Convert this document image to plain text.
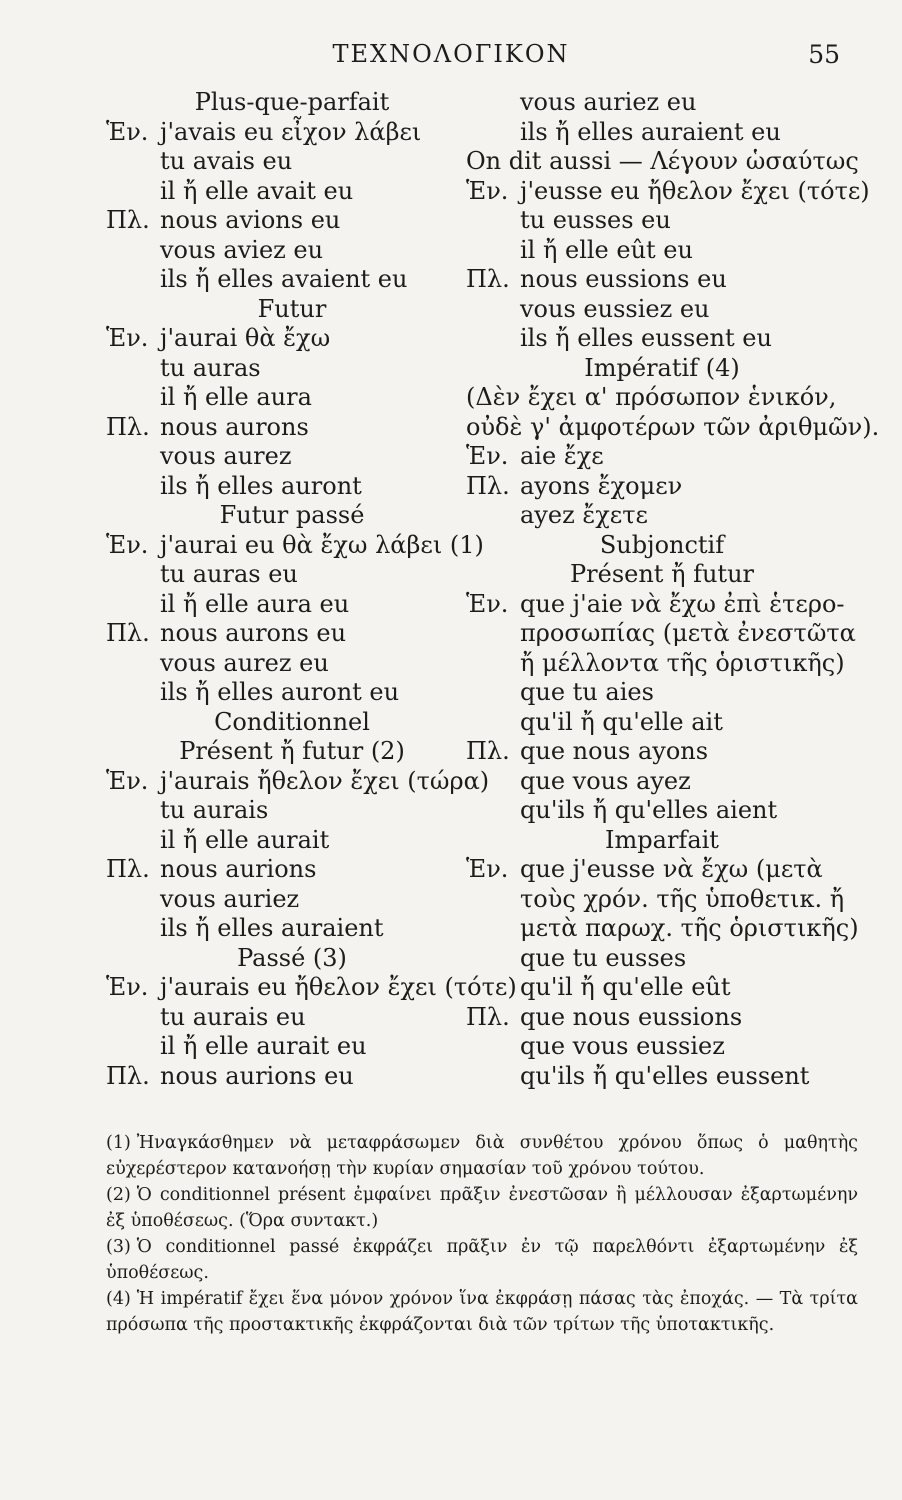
ΤΕΧΝΟΛΟΓΙΚΟΝ	55
Plus-que-parfait
Ἑν. j'avais eu εἶχον λάβει
tu avais eu
il ἤ elle avait eu
Πλ. nous avions eu
vous aviez eu
ils ἤ elles avaient eu
Futur
Ἑν. j'aurai θὰ ἔχω
tu auras
il ἤ elle aura
Πλ. nous aurons
vous aurez
ils ἤ elles auront
Futur passé
Ἑν. j'aurai eu θὰ ἔχω λάβει (1)
tu auras eu
il ἤ elle aura eu
Πλ. nous aurons eu
vous aurez eu
ils ἤ elles auront eu
Conditionnel
Présent ἤ futur (2)
Ἑν. j'aurais ἤθελον ἔχει (τώρα)
tu aurais
il ἤ elle aurait
Πλ. nous aurions
vous auriez
ils ἤ elles auraient
Passé (3)
Ἑν. j'aurais eu ἤθελον ἔχει (τότε)
tu aurais eu
il ἤ elle aurait eu
Πλ. nous aurions eu
vous auriez eu
ils ἤ elles auraient eu
On dit aussi — Λέγουν ὡσαύτως
Ἑν. j'eusse eu ἤθελον ἔχει (τότε)
tu eusses eu
il ἤ elle eût eu
Πλ. nous eussions eu
vous eussiez eu
ils ἤ elles eussent eu
Impératif (4)
(Δὲν ἔχει α' πρόσωπον ἑνικόν,
οὐδὲ γ' ἀμφοτέρων τῶν ἀριθμῶν).
Ἑν. aie ἔχε
Πλ. ayons ἔχομεν
ayez ἔχετε
Subjonctif
Présent ἤ futur
Ἑν. que j'aie νὰ ἔχω ἐπὶ ἑτερο-
προσωπίας (μετὰ ἐνεστῶτα
ἤ μέλλοντα τῆς ὁριστικῆς)
que tu aies
qu'il ἤ qu'elle ait
Πλ. que nous ayons
que vous ayez
qu'ils ἤ qu'elles aient
Imparfait
Ἑν. que j'eusse νὰ ἔχω (μετὰ
τοὺς χρόν. τῆς ὑποθετικ. ἤ
μετὰ παρωχ. τῆς ὁριστικῆς)
que tu eusses
qu'il ἤ qu'elle eût
Πλ. que nous eussions
que vous eussiez
qu'ils ἤ qu'elles eussent
(1) Ἠναγκάσθημεν νὰ μεταφράσωμεν διὰ συνθέτου χρόνου ὅπως ὁ μαθητὴς εὐχερέστερον κατανοήσῃ τὴν κυρίαν σημασίαν τοῦ χρόνου τούτου.
(2) Ὁ conditionnel présent ἐμφαίνει πρᾶξιν ἐνεστῶσαν ἢ μέλλουσαν ἐξαρτωμένην ἐξ ὑποθέσεως. (Ὅρα συντακτ.)
(3) Ὁ conditionnel passé ἐκφράζει πρᾶξιν ἐν τῷ παρελθόντι ἐξαρτωμένην ἐξ ὑποθέσεως.
(4) Ἡ impératif ἔχει ἕνα μόνον χρόνον ἵνα ἐκφράσῃ πάσας τὰς ἐποχάς. — Τὰ τρίτα πρόσωπα τῆς προστακτικῆς ἐκφράζονται διὰ τῶν τρίτων τῆς ὑποτακτικῆς.
